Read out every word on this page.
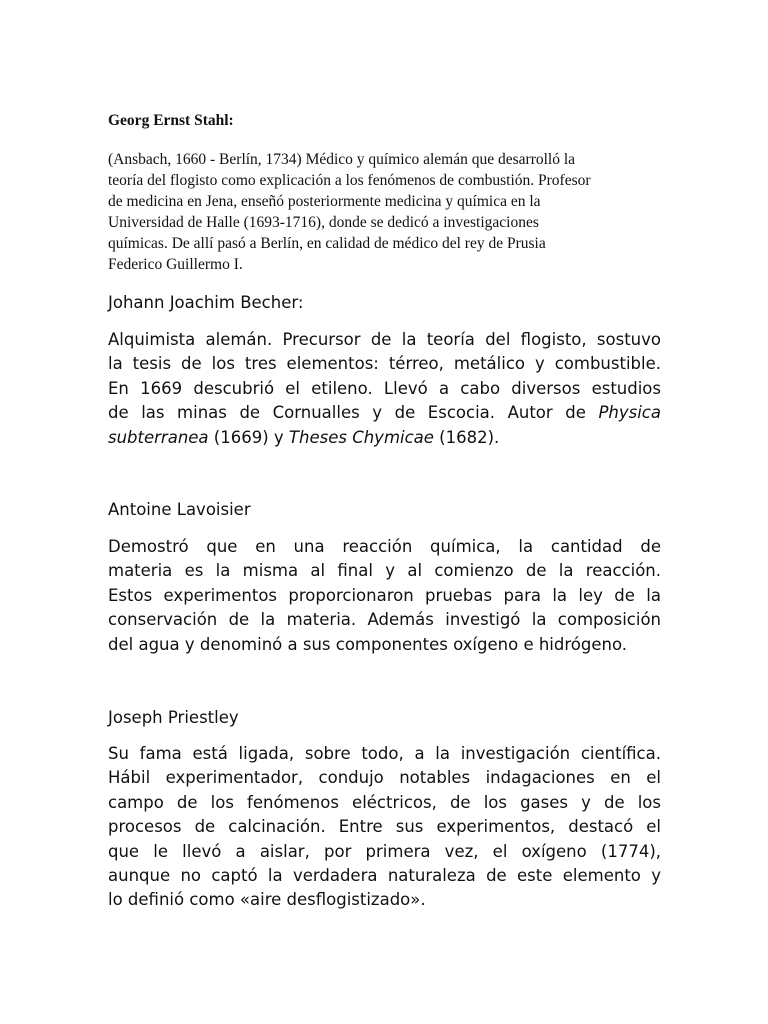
Georg Ernst Stahl:
(Ansbach, 1660 - Berlín, 1734) Médico y químico alemán que desarrolló la
teoría del flogisto como explicación a los fenómenos de combustión. Profesor
de medicina en Jena, enseñó posteriormente medicina y química en la
Universidad de Halle (1693-1716), donde se dedicó a investigaciones
químicas. De allí pasó a Berlín, en calidad de médico del rey de Prusia
Federico Guillermo I.
Johann Joachim Becher:
Alquimista alemán. Precursor de la teoría del flogisto, sostuvo
la tesis de los tres elementos: térreo, metálico y combustible.
En 1669 descubrió el etileno. Llevó a cabo diversos estudios
de las minas de Cornualles y de Escocia. Autor de Physica
subterranea (1669) y Theses Chymicae (1682).
Antoine Lavoisier
Demostró que en una reacción química, la cantidad de
materia es la misma al final y al comienzo de la reacción.
Estos experimentos proporcionaron pruebas para la ley de la
conservación de la materia. Además investigó la composición
del agua y denominó a sus componentes oxígeno e hidrógeno.
Joseph Priestley
Su fama está ligada, sobre todo, a la investigación científica.
Hábil experimentador, condujo notables indagaciones en el
campo de los fenómenos eléctricos, de los gases y de los
procesos de calcinación. Entre sus experimentos, destacó el
que le llevó a aislar, por primera vez, el oxígeno (1774),
aunque no captó la verdadera naturaleza de este elemento y
lo definió como «aire desflogistizado».
